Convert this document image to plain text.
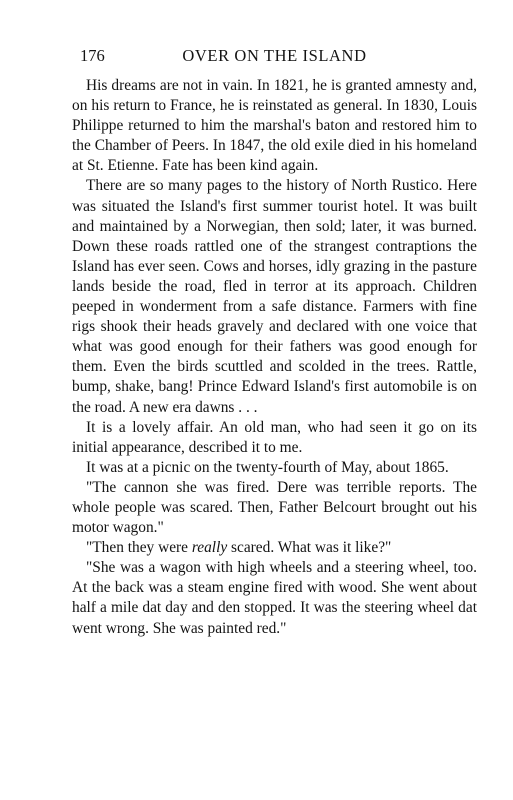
176	OVER ON THE ISLAND

His dreams are not in vain. In 1821, he is granted amnesty and, on his return to France, he is reinstated as general. In 1830, Louis Philippe returned to him the marshal's baton and restored him to the Chamber of Peers. In 1847, the old exile died in his homeland at St. Etienne. Fate has been kind again.

There are so many pages to the history of North Rustico. Here was situated the Island's first summer tourist hotel. It was built and maintained by a Norwegian, then sold; later, it was burned. Down these roads rattled one of the strangest contraptions the Island has ever seen. Cows and horses, idly grazing in the pasture lands beside the road, fled in terror at its approach. Children peeped in wonderment from a safe distance. Farmers with fine rigs shook their heads gravely and declared with one voice that what was good enough for their fathers was good enough for them. Even the birds scuttled and scolded in the trees. Rattle, bump, shake, bang! Prince Edward Island's first automobile is on the road. A new era dawns . . .

It is a lovely affair. An old man, who had seen it go on its initial appearance, described it to me.

It was at a picnic on the twenty-fourth of May, about 1865.

"The cannon she was fired. Dere was terrible reports. The whole people was scared. Then, Father Belcourt brought out his motor wagon."

"Then they were really scared. What was it like?"

"She was a wagon with high wheels and a steering wheel, too. At the back was a steam engine fired with wood. She went about half a mile dat day and den stopped. It was the steering wheel dat went wrong. She was painted red."
